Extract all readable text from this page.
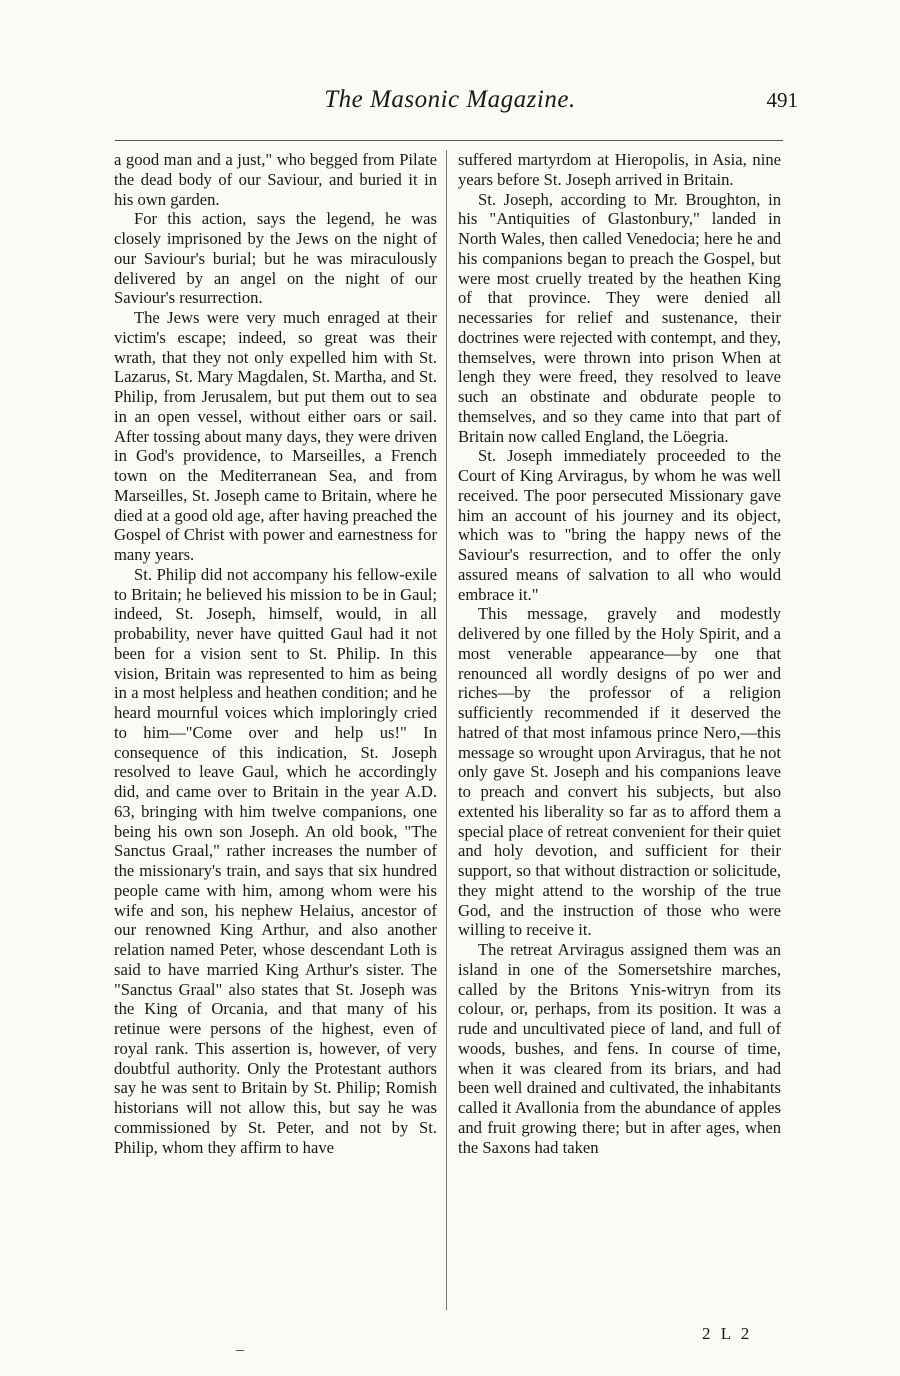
The Masonic Magazine.	491

a good man and a just," who begged from Pilate the dead body of our Saviour, and buried it in his own garden.

For this action, says the legend, he was closely imprisoned by the Jews on the night of our Saviour's burial; but he was miraculously delivered by an angel on the night of our Saviour's resurrection.

The Jews were very much enraged at their victim's escape; indeed, so great was their wrath, that they not only expelled him with St. Lazarus, St. Mary Magdalen, St. Martha, and St. Philip, from Jerusalem, but put them out to sea in an open vessel, without either oars or sail. After tossing about many days, they were driven in God's providence, to Marseilles, a French town on the Mediterranean Sea, and from Marseilles, St. Joseph came to Britain, where he died at a good old age, after having preached the Gospel of Christ with power and earnestness for many years.

St. Philip did not accompany his fellow-exile to Britain; he believed his mission to be in Gaul; indeed, St. Joseph, himself, would, in all probability, never have quitted Gaul had it not been for a vision sent to St. Philip. In this vision, Britain was represented to him as being in a most helpless and heathen condition; and he heard mournful voices which imploringly cried to him—"Come over and help us!" In consequence of this indication, St. Joseph resolved to leave Gaul, which he accordingly did, and came over to Britain in the year A.D. 63, bringing with him twelve companions, one being his own son Joseph. An old book, "The Sanctus Graal," rather increases the number of the missionary's train, and says that six hundred people came with him, among whom were his wife and son, his nephew Helaius, ancestor of our renowned King Arthur, and also another relation named Peter, whose descendant Loth is said to have married King Arthur's sister. The "Sanctus Graal" also states that St. Joseph was the King of Orcania, and that many of his retinue were persons of the highest, even of royal rank. This assertion is, however, of very doubtful authority. Only the Protestant authors say he was sent to Britain by St. Philip; Romish historians will not allow this, but say he was commissioned by St. Peter, and not by St. Philip, whom they affirm to have

suffered martyrdom at Hieropolis, in Asia, nine years before St. Joseph arrived in Britain.

St. Joseph, according to Mr. Broughton, in his "Antiquities of Glastonbury," landed in North Wales, then called Venedocia; here he and his companions began to preach the Gospel, but were most cruelly treated by the heathen King of that province. They were denied all necessaries for relief and sustenance, their doctrines were rejected with contempt, and they, themselves, were thrown into prison When at lengh they were freed, they resolved to leave such an obstinate and obdurate people to themselves, and so they came into that part of Britain now called England, the Löegria.

St. Joseph immediately proceeded to the Court of King Arviragus, by whom he was well received. The poor persecuted Missionary gave him an account of his journey and its object, which was to "bring the happy news of the Saviour's resurrection, and to offer the only assured means of salvation to all who would embrace it."

This message, gravely and modestly delivered by one filled by the Holy Spirit, and a most venerable appearance—by one that renounced all wordly designs of po wer and riches—by the professor of a religion sufficiently recommended if it deserved the hatred of that most infamous prince Nero,—this message so wrought upon Arviragus, that he not only gave St. Joseph and his companions leave to preach and convert his subjects, but also extented his liberality so far as to afford them a special place of retreat convenient for their quiet and holy devotion, and sufficient for their support, so that without distraction or solicitude, they might attend to the worship of the true God, and the instruction of those who were willing to receive it.

The retreat Arviragus assigned them was an island in one of the Somersetshire marches, called by the Britons Ynis-witryn from its colour, or, perhaps, from its position. It was a rude and uncultivated piece of land, and full of woods, bushes, and fens. In course of time, when it was cleared from its briars, and had been well drained and cultivated, the inhabitants called it Avallonia from the abundance of apples and fruit growing there; but in after ages, when the Saxons had taken

2 L 2
